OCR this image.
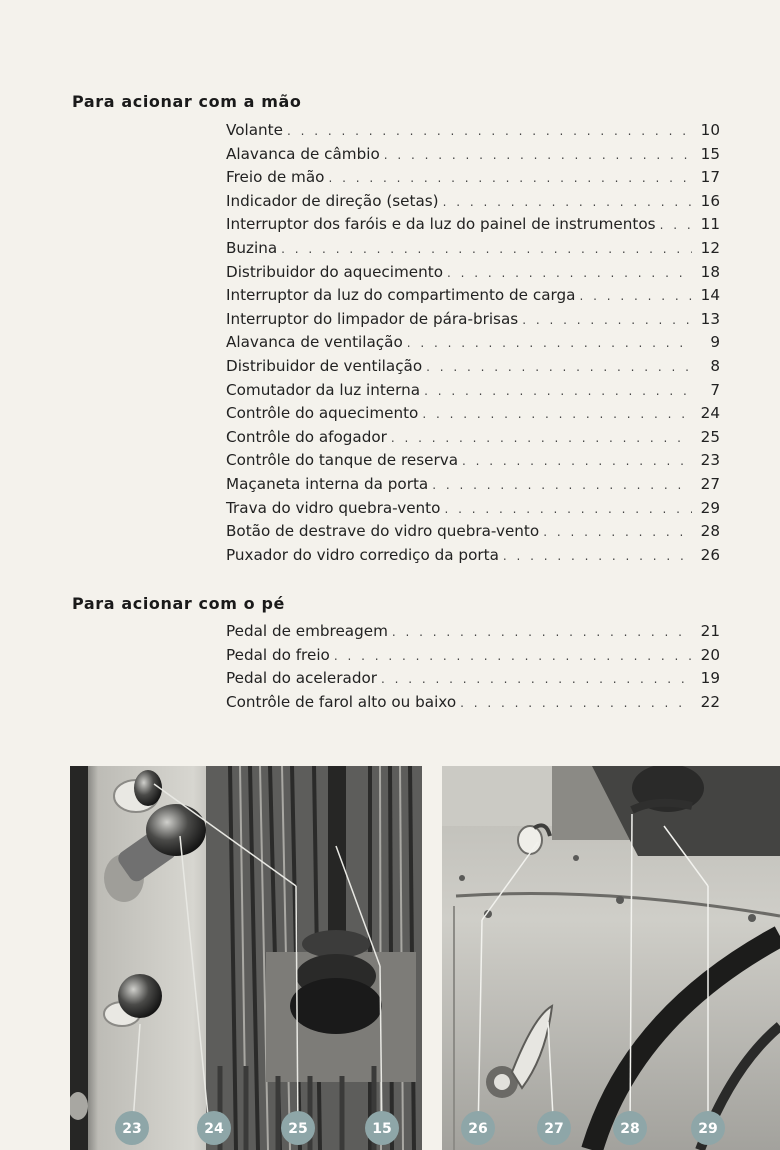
Para acionar com a mão
Volante . . .	10
Alavanca de câmbio . . .	15
Freio de mão . . .	17
Indicador de direção (setas) . . .	16
Interruptor dos faróis e da luz do painel de instrumentos . . .	11
Buzina . . .	12
Distribuidor do aquecimento . . .	18
Interruptor da luz do compartimento de carga . . .	14
Interruptor do limpador de pára-brisas . . .	13
Alavanca de ventilação . . .	9
Distribuidor de ventilação . . .	8
Comutador da luz interna . . .	7
Contrôle do aquecimento . . .	24
Contrôle do afogador . . .	25
Contrôle do tanque de reserva . . .	23
Maçaneta interna da porta . . .	27
Trava do vidro quebra-vento . . .	29
Botão de destrave do vidro quebra-vento . . .	28
Puxador do vidro corrediço da porta . . .	26
Para acionar com o pé
Pedal de embreagem . . .	21
Pedal do freio . . .	20
Pedal do acelerador . . .	19
Contrôle de farol alto ou baixo . . .	22
23	24	25	15	26	27	28	29
